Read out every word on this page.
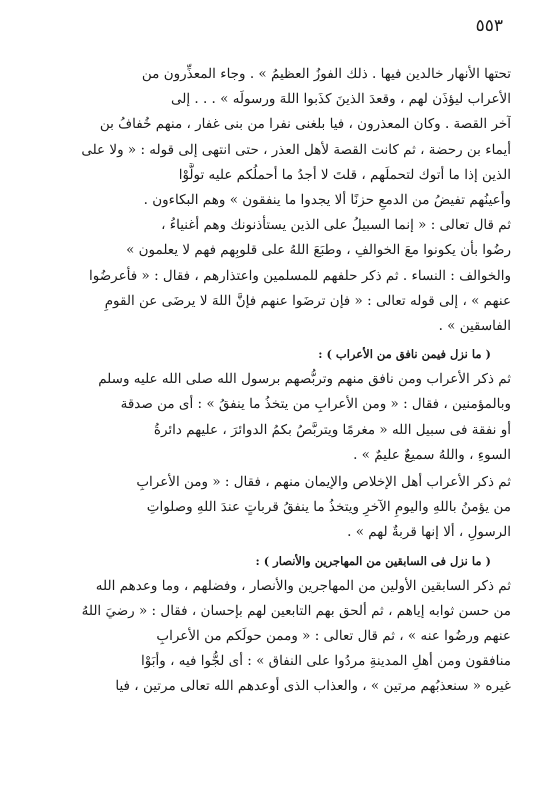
٥٥٣
تحتها الأنهار خالدين فيها . ذلك الفوزُ العظيمُ » . وجاء المعذِّرون من
الأعراب ليؤذَن لهم ، وقعدَ الذينَ كذَبوا اللهَ ورسولَه » . . . إلى
آخر القصة . وكان المعذرون ، فيا بلغنى نفرا من بنى غفار ، منهم خُفافُ بن
أيماء بن رحضة ، ثم كانت القصة لأهل العذر ، حتى انتهى إلى قوله : « ولا على
الذين إذا ما أتوك لتحملَهم ، قلتَ لا أجدُ ما أحملُكم عليه تولَّوْا
وأعينُهم تفيضُ من الدمعِ حزنًا ألا يجدوا ما ينفقون » وهم البكاءون .
ثم قال تعالى : « إنما السبيلُ على الذين يستأذنونك وهم أغنياءُ ،
رضُوا بأن يكونوا معَ الخوالفِ ، وطبَعَ اللهُ على قلوبِهم فهم لا يعلمون »
والخوالف : النساء . ثم ذكر حلفهم للمسلمين واعتذارهم ، فقال : « فأعرضُوا
عنهم » ، إلى قوله تعالى : « فإن ترضَوا عنهم فإنَّ اللهَ لا يرضَى عن القومِ
الفاسقين » .
( ما نزل فيمن نافق من الأعراب ) :
ثم ذكر الأعراب ومن نافق منهم وتربُّصهم برسول الله صلى الله عليه وسلم
وبالمؤمنين ، فقال : « ومن الأعرابِ من يتخذُ ما ينفقُ » : أى من صدقة
أو نفقة فى سبيل الله « مغرمًا ويتربَّصُ بكمُ الدوائرَ ، عليهم دائرةُ
السوءِ ، واللهُ سميعٌ عليمٌ » .
ثم ذكر الأعراب أهل الإخلاص والإيمان منهم ، فقال : « ومن الأعرابِ
من يؤمنُ باللهِ واليومِ الآخرِ ويتخذُ ما ينفقُ قرباتٍ عندَ اللهِ وصلواتِ
الرسولِ ، ألا إنها قربةٌ لهم » .
( ما نزل فى السابقين من المهاجرين والأنصار ) :
ثم ذكر السابقين الأولين من المهاجرين والأنصار ، وفضلهم ، وما وعدهم الله
من حسن ثوابه إياهم ، ثم ألحق بهم التابعين لهم بإحسان ، فقال : « رضيَ اللهُ
عنهم ورضُوا عنه » ، ثم قال تعالى : « وممن حولَكم من الأعرابِ
منافقون ومن أهلِ المدينةِ مردُوا على النفاق » : أى لجُّوا فيه ، وأبَوْا
غيره « سنعذبُهم مرتين » ، والعذاب الذى أوعدهم الله تعالى مرتين ، فيا
